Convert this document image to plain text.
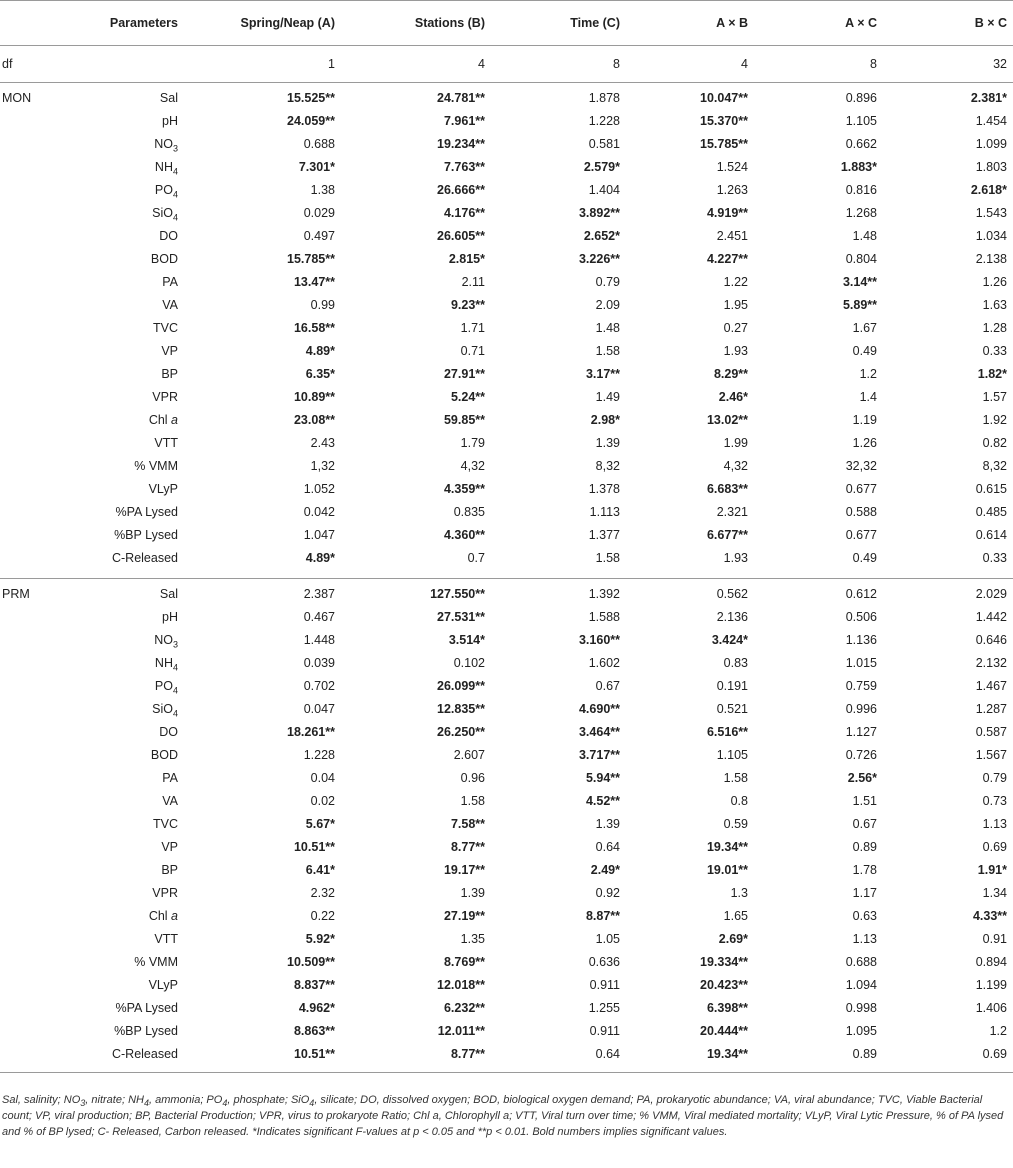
	Parameters	Spring/Neap (A)	Stations (B)	Time (C)	A × B	A × C	B × C
df		1	4	8	4	8	32
MON	Sal	15.525**	24.781**	1.878	10.047**	0.896	2.381*
	pH	24.059**	7.961**	1.228	15.370**	1.105	1.454
	$NO_3$	0.688	19.234**	0.581	15.785**	0.662	1.099
	$NH_4$	7.301*	7.763**	2.579*	1.524	1.883*	1.803
	$PO_4$	1.38	26.666**	1.404	1.263	0.816	2.618*
	SiO$_4$	0.029	4.176**	3.892**	4.919**	1.268	1.543
	DO	0.497	26.605**	2.652*	2.451	1.48	1.034
	BOD	15.785**	2.815*	3.226**	4.227**	0.804	2.138
	PA	13.47**	2.11	0.79	1.22	3.14**	1.26
	VA	0.99	9.23**	2.09	1.95	5.89**	1.63
	TVC	16.58**	1.71	1.48	0.27	1.67	1.28
	VP	4.89*	0.71	1.58	1.93	0.49	0.33
	BP	6.35*	27.91**	3.17**	8.29**	1.2	1.82*
	VPR	10.89**	5.24**	1.49	2.46*	1.4	1.57
	Chl a	23.08**	59.85**	2.98*	13.02**	1.19	1.92
	VTT	2.43	1.79	1.39	1.99	1.26	0.82
	% VMM	1,32	4,32	8,32	4,32	32,32	8,32
	VLyP	1.052	4.359**	1.378	6.683**	0.677	0.615
	%PA Lysed	0.042	0.835	1.113	2.321	0.588	0.485
	%BP Lysed	1.047	4.360**	1.377	6.677**	0.677	0.614
	C-Released	4.89*	0.7	1.58	1.93	0.49	0.33
PRM	Sal	2.387	127.550**	1.392	0.562	0.612	2.029
	pH	0.467	27.531**	1.588	2.136	0.506	1.442
	$NO_3$	1.448	3.514*	3.160**	3.424*	1.136	0.646
	$NH_4$	0.039	0.102	1.602	0.83	1.015	2.132
	$PO_4$	0.702	26.099**	0.67	0.191	0.759	1.467
	SiO$_4$	0.047	12.835**	4.690**	0.521	0.996	1.287
	DO	18.261**	26.250**	3.464**	6.516**	1.127	0.587
	BOD	1.228	2.607	3.717**	1.105	0.726	1.567
	PA	0.04	0.96	5.94**	1.58	2.56*	0.79
	VA	0.02	1.58	4.52**	0.8	1.51	0.73
	TVC	5.67*	7.58**	1.39	0.59	0.67	1.13
	VP	10.51**	8.77**	0.64	19.34**	0.89	0.69
	BP	6.41*	19.17**	2.49*	19.01**	1.78	1.91*
	VPR	2.32	1.39	0.92	1.3	1.17	1.34
	Chl a	0.22	27.19**	8.87**	1.65	0.63	4.33**
	VTT	5.92*	1.35	1.05	2.69*	1.13	0.91
	% VMM	10.509**	8.769**	0.636	19.334**	0.688	0.894
	VLyP	8.837**	12.018**	0.911	20.423**	1.094	1.199
	%PA Lysed	4.962*	6.232**	1.255	6.398**	0.998	1.406
	%BP Lysed	8.863**	12.011**	0.911	20.444**	1.095	1.2
	C-Released	10.51**	8.77**	0.64	19.34**	0.89	0.69
Sal, salinity; $NO_3$, nitrate; $NH_4$, ammonia; $PO_4$, phosphate; SiO$_4$, silicate; DO, dissolved oxygen; BOD, biological oxygen demand; PA, prokaryotic abundance; VA, viral abundance; TVC, Viable Bacterial count; VP, viral production; BP, Bacterial Production; VPR, virus to prokaryote Ratio; Chl a, Chlorophyll a; VTT, Viral turn over time; % VMM, Viral mediated mortality; VLyP, Viral Lytic Pressure, % of PA lysed and % of BP lysed; C- Released, Carbon released. *Indicates significant F-values at p < 0.05 and **p < 0.01. Bold numbers implies significant values.
